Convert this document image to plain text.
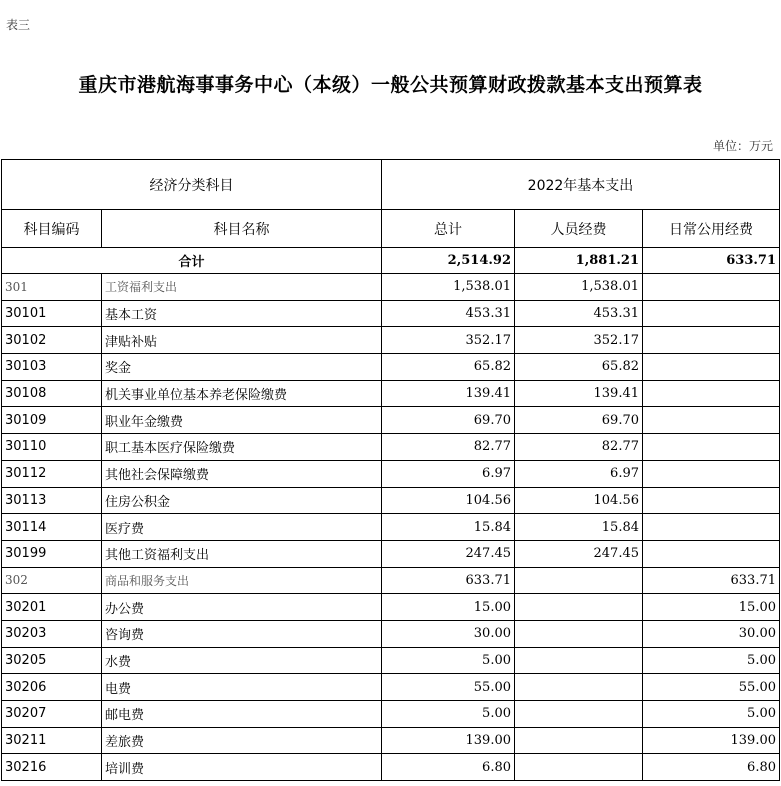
表三
重庆市港航海事事务中心（本级）一般公共预算财政拨款基本支出预算表
单位：万元
经济分类科目		2022年基本支出		
科目编码	科目名称	总计	人员经费	日常公用经费
合计		2,514.92	1,881.21	633.71
301	工资福利支出	1,538.01	1,538.01	
30101	基本工资	453.31	453.31	
30102	津贴补贴	352.17	352.17	
30103	奖金	65.82	65.82	
30108	机关事业单位基本养老保险缴费	139.41	139.41	
30109	职业年金缴费	69.70	69.70	
30110	职工基本医疗保险缴费	82.77	82.77	
30112	其他社会保障缴费	6.97	6.97	
30113	住房公积金	104.56	104.56	
30114	医疗费	15.84	15.84	
30199	其他工资福利支出	247.45	247.45	
302	商品和服务支出	633.71		633.71
30201	办公费	15.00		15.00
30203	咨询费	30.00		30.00
30205	水费	5.00		5.00
30206	电费	55.00		55.00
30207	邮电费	5.00		5.00
30211	差旅费	139.00		139.00
30216	培训费	6.80		6.80
